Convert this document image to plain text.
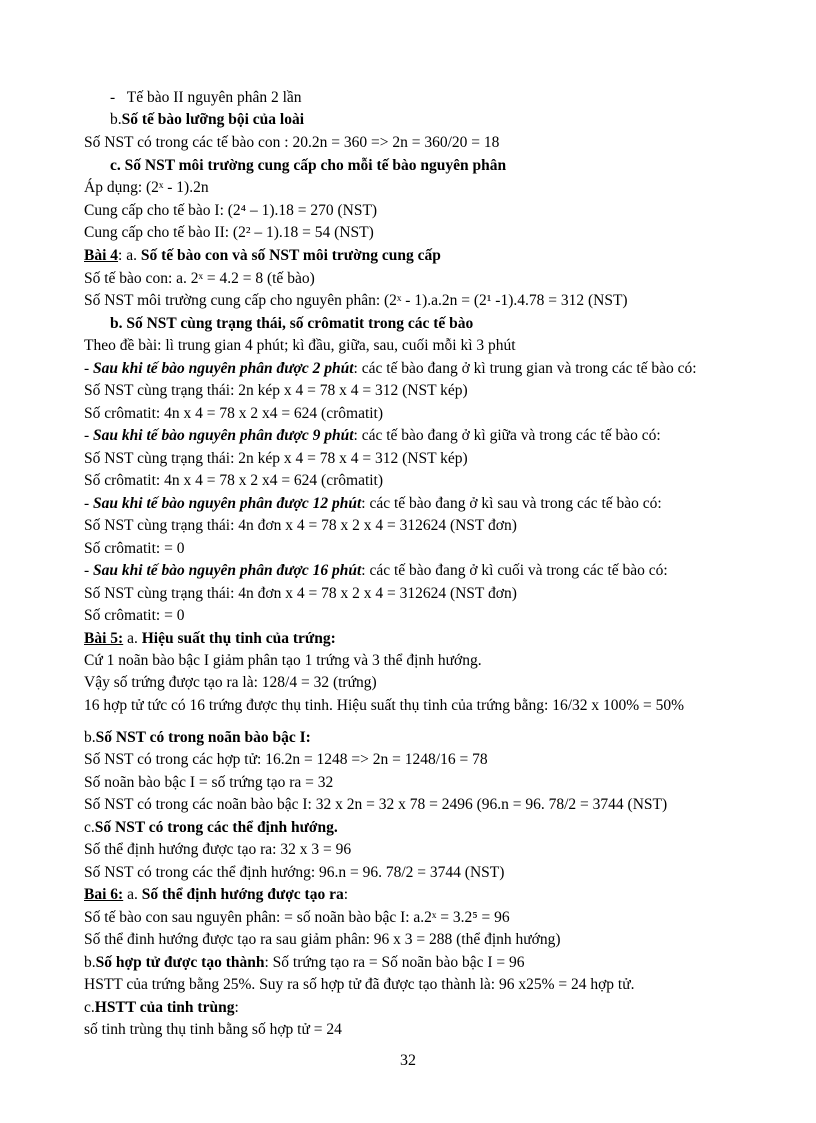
-   Tế bào II nguyên phân 2 lần
b.Số tế bào lưỡng bội của loài
Số NST có trong các tế bào con : 20.2n = 360 => 2n = 360/20 = 18
c. Số NST môi trường cung cấp cho mỗi tế bào nguyên phân
Áp dụng: (2ˣ - 1).2n
Cung cấp cho tế bào I: (2⁴ – 1).18 = 270 (NST)
Cung cấp cho tế bào II: (2² – 1).18 = 54 (NST)
Bài 4: a. Số tế bào con và số NST môi trường cung cấp
Số tế bào con: a. 2ˣ = 4.2 = 8 (tế bào)
Số NST môi trường cung cấp cho nguyên phân: (2ˣ - 1).a.2n = (2¹ -1).4.78 = 312 (NST)
b. Số NST cùng trạng thái, số crômatit trong các tế bào
Theo đề bài: lì trung gian 4 phút; kì đầu, giữa, sau, cuối mỗi kì 3 phút
- Sau khi tế bào nguyên phân được 2 phút: các tế bào đang ở kì trung gian và trong các tế bào có:
Số NST cùng trạng thái: 2n kép x 4 = 78 x 4 = 312 (NST kép)
Số crômatit: 4n x 4 = 78 x 2 x4 = 624 (crômatit)
- Sau khi tế bào nguyên phân được 9 phút: các tế bào đang ở kì giữa và trong các tế bào có:
Số NST cùng trạng thái: 2n kép x 4 = 78 x 4 = 312 (NST kép)
Số crômatit: 4n x 4 = 78 x 2 x4 = 624 (crômatit)
- Sau khi tế bào nguyên phân được 12 phút: các tế bào đang ở kì sau và trong các tế bào có:
Số NST cùng trạng thái: 4n đơn x 4 = 78 x 2 x 4 = 312624 (NST đơn)
Số crômatit: = 0
- Sau khi tế bào nguyên phân được 16 phút: các tế bào đang ở kì cuối và trong các tế bào có:
Số NST cùng trạng thái: 4n đơn x 4 = 78 x 2 x 4 = 312624 (NST đơn)
Số crômatit: = 0
Bài 5: a. Hiệu suất thụ tinh của trứng:
Cứ 1 noãn bào bậc I giảm phân tạo 1 trứng và 3 thể định hướng.
Vậy số trứng được tạo ra là: 128/4 = 32 (trứng)
16 hợp tử tức có 16 trứng được thụ tinh. Hiệu suất thụ tinh của trứng bằng: 16/32 x 100% = 50%
b.Số NST có trong noãn bào bậc I:
Số NST có trong các hợp tử: 16.2n = 1248 => 2n = 1248/16 = 78
Số noãn bào bậc I = số trứng tạo ra = 32
Số NST có trong các noãn bào bậc I: 32 x 2n = 32 x 78 = 2496 (96.n = 96. 78/2 = 3744 (NST)
c.Số NST có trong các thể định hướng.
Số thể định hướng được tạo ra: 32 x 3 = 96
Số NST có trong các thể định hướng: 96.n = 96. 78/2 = 3744 (NST)
Bai 6: a. Số thể định hướng được tạo ra:
Số tế bào con sau nguyên phân: = số noãn bào bậc I: a.2ˣ = 3.2⁵ = 96
Số thể đinh hướng được tạo ra sau giảm phân: 96 x 3 = 288 (thể định hướng)
b.Số hợp tử được tạo thành: Số trứng tạo ra = Số noãn bào bậc I = 96
HSTT của trứng bằng 25%. Suy ra số hợp tử đã được tạo thành là: 96 x25% = 24 hợp tử.
c.HSTT của tinh trùng:
số tinh trùng thụ tinh bằng số hợp tử = 24
32
